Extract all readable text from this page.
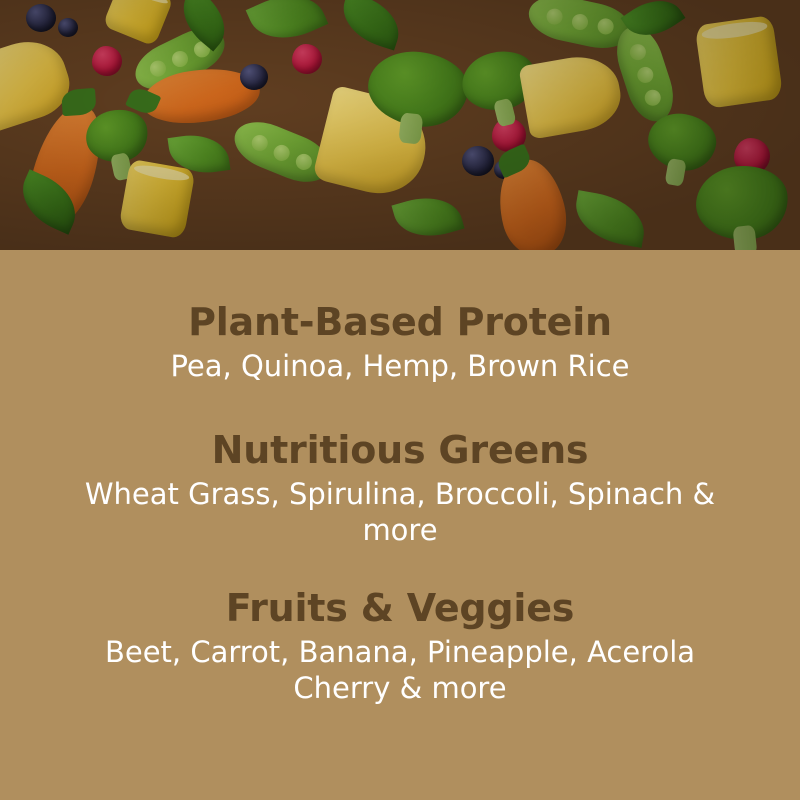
Plant-Based Protein

Pea, Quinoa, Hemp, Brown Rice

Nutritious Greens

Wheat Grass, Spirulina, Broccoli, Spinach & more

Fruits & Veggies

Beet, Carrot, Banana, Pineapple, Acerola Cherry & more
